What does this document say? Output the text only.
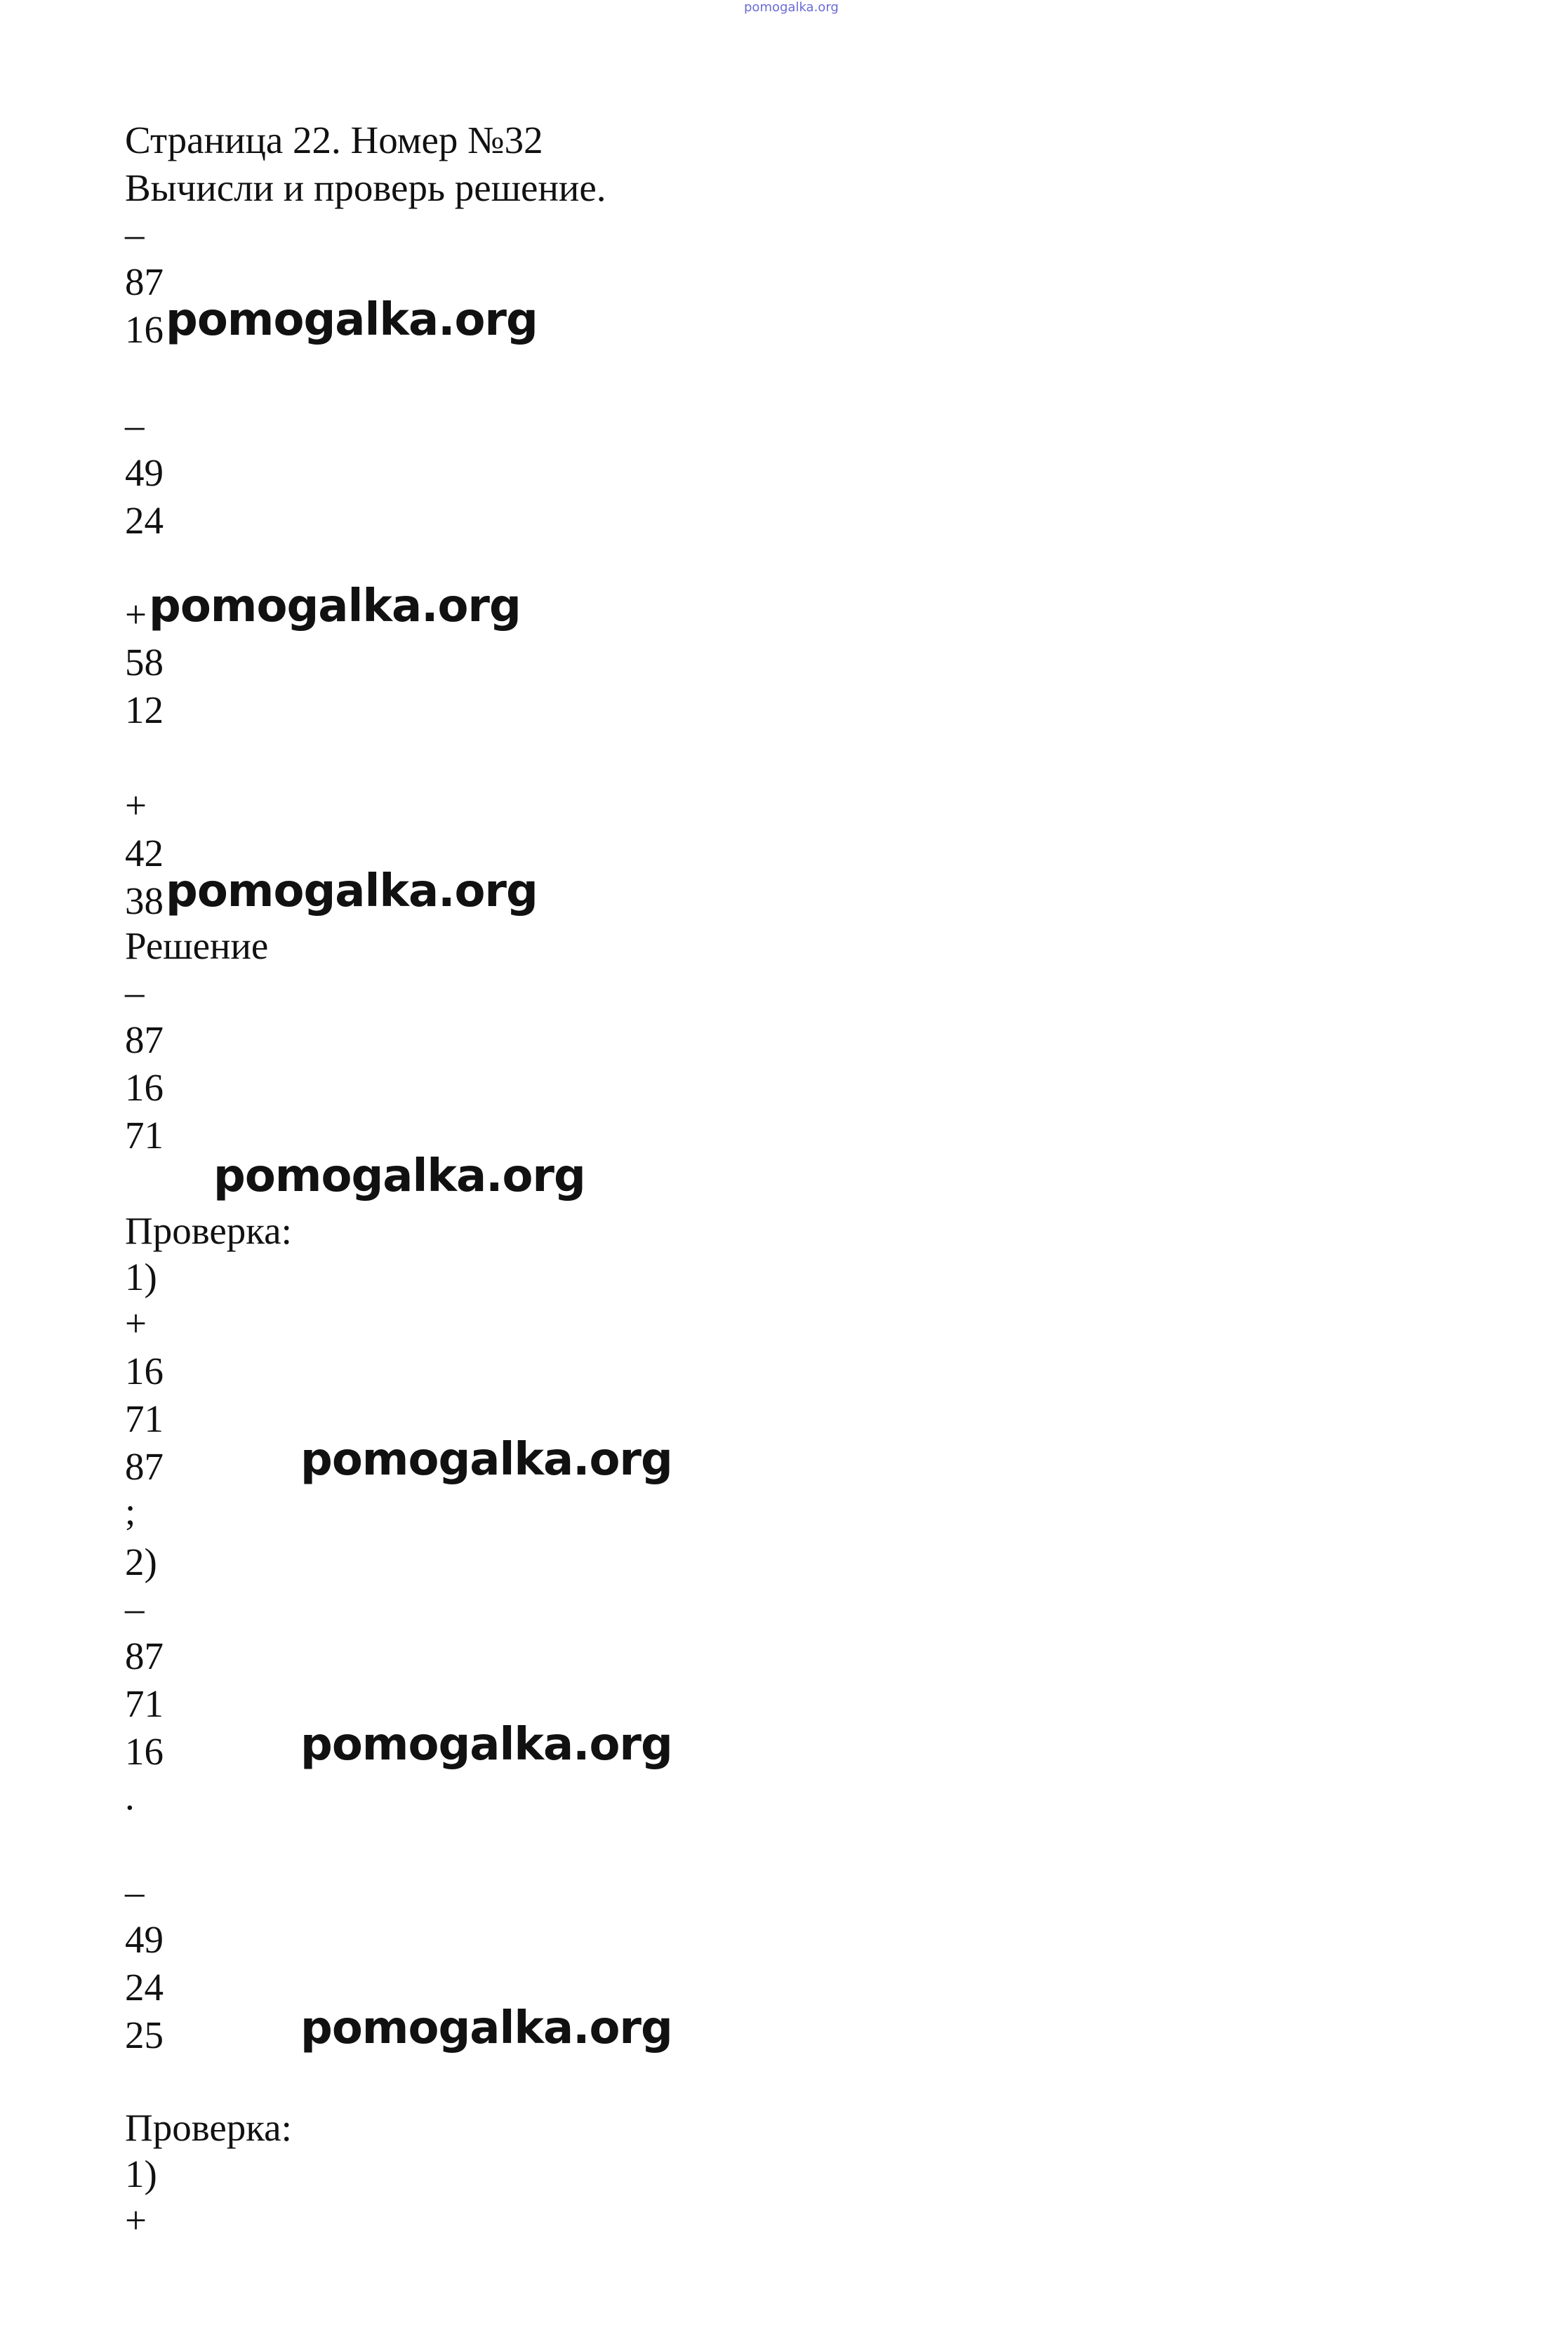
pomogalka.org
Страница 22. Номер №32
Вычисли и проверь решение.
–
87
16 pomogalka.org
–
49
24
+ pomogalka.org
58
12
+
42
38 pomogalka.org
Решение
–
87
16
71
pomogalka.org
Проверка:
1)
+
16
71
87	pomogalka.org
;
2)
–
87
71
16	pomogalka.org
.
–
49
24
25	pomogalka.org
Проверка:
1)
+
